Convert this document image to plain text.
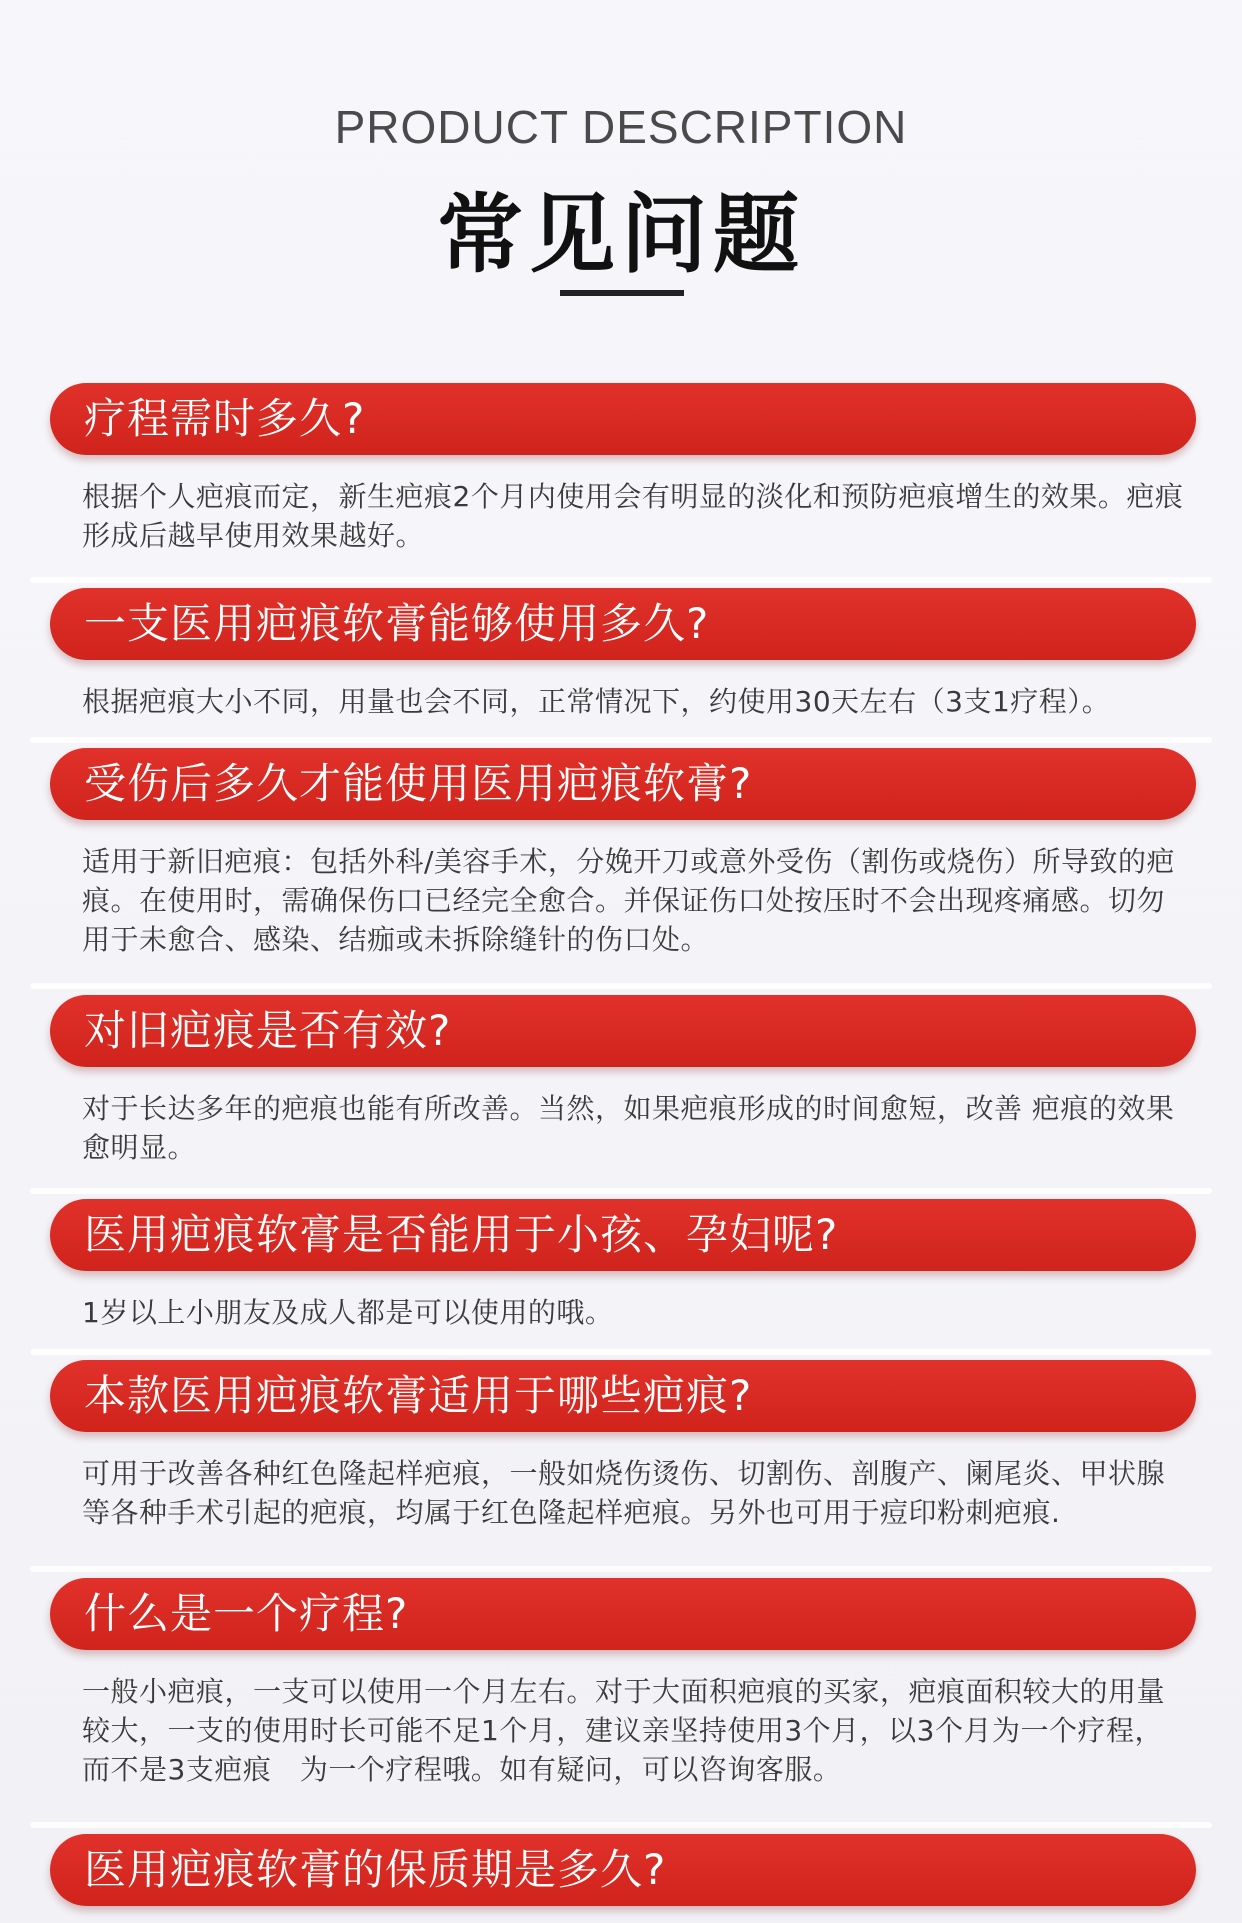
PRODUCT DESCRIPTION
常见问题
疗程需时多久?
根据个人疤痕而定，新生疤痕2个月内使用会有明显的淡化和预防疤痕增生的效果。疤痕形成后越早使用效果越好。
一支医用疤痕软膏能够使用多久?
根据疤痕大小不同，用量也会不同，正常情况下，约使用30天左右（3支1疗程）。
受伤后多久才能使用医用疤痕软膏?
适用于新旧疤痕：包括外科/美容手术，分娩开刀或意外受伤（割伤或烧伤）所导致的疤痕。在使用时，需确保伤口已经完全愈合。并保证伤口处按压时不会出现疼痛感。切勿用于未愈合、感染、结痂或未拆除缝针的伤口处。
对旧疤痕是否有效?
对于长达多年的疤痕也能有所改善。当然，如果疤痕形成的时间愈短，改善 疤痕的效果愈明显。
医用疤痕软膏是否能用于小孩、孕妇呢?
1岁以上小朋友及成人都是可以使用的哦。
本款医用疤痕软膏适用于哪些疤痕?
可用于改善各种红色隆起样疤痕，一般如烧伤烫伤、切割伤、剖腹产、阑尾炎、甲状腺等各种手术引起的疤痕，均属于红色隆起样疤痕。另外也可用于痘印粉刺疤痕.
什么是一个疗程?
一般小疤痕，一支可以使用一个月左右。对于大面积疤痕的买家，疤痕面积较大的用量较大，一支的使用时长可能不足1个月，建议亲坚持使用3个月，以3个月为一个疗程，而不是3支疤痕　为一个疗程哦。如有疑问，可以咨询客服。
医用疤痕软膏的保质期是多久?
